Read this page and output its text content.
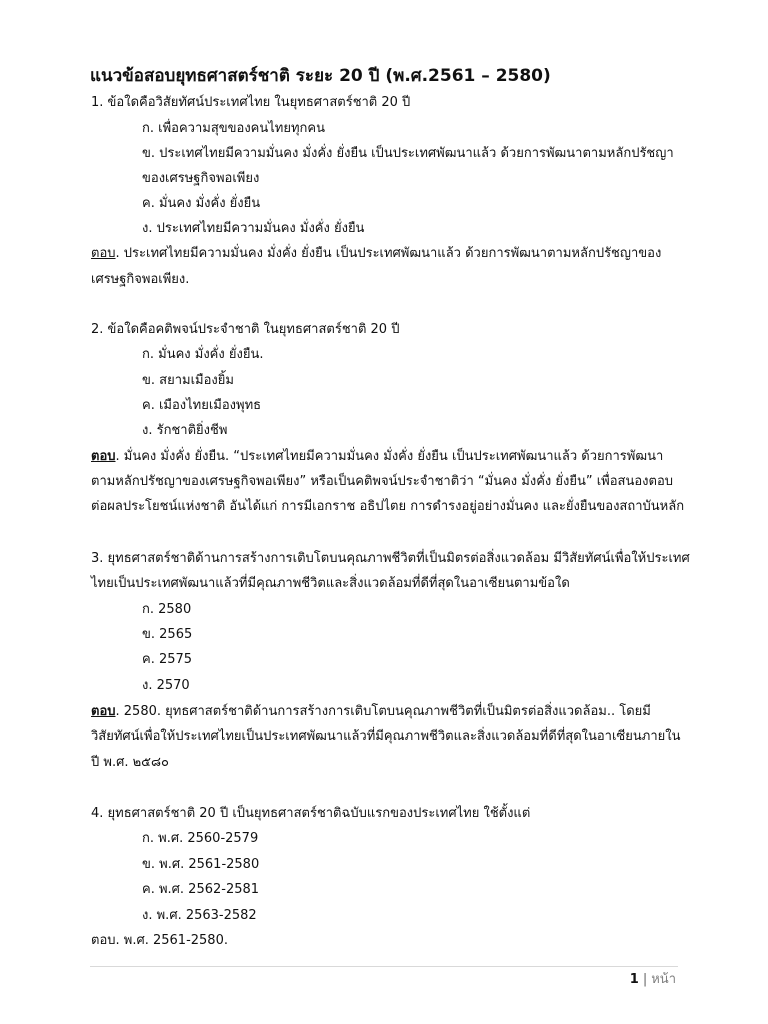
แนวข้อสอบยุทธศาสตร์ชาติ ระยะ 20 ปี (พ.ศ.2561 – 2580)
1. ข้อใดคือวิสัยทัศน์ประเทศไทย ในยุทธศาสตร์ชาติ 20 ปี
ก. เพื่อความสุขของคนไทยทุกคน
ข. ประเทศไทยมีความมั่นคง มั่งคั่ง ยั่งยืน เป็นประเทศพัฒนาแล้ว ด้วยการพัฒนาตามหลักปรัชญา
ของเศรษฐกิจพอเพียง
ค. มั่นคง มั่งคั่ง ยั่งยืน
ง. ประเทศไทยมีความมั่นคง มั่งคั่ง ยั่งยืน
ตอบ. ประเทศไทยมีความมั่นคง มั่งคั่ง ยั่งยืน เป็นประเทศพัฒนาแล้ว ด้วยการพัฒนาตามหลักปรัชญาของ
เศรษฐกิจพอเพียง.
2. ข้อใดคือคติพจน์ประจำชาติ ในยุทธศาสตร์ชาติ 20 ปี
ก. มั่นคง มั่งคั่ง ยั่งยืน.
ข. สยามเมืองยิ้ม
ค. เมืองไทยเมืองพุทธ
ง. รักชาติยิ่งชีพ
ตอบ. มั่นคง มั่งคั่ง ยั่งยืน. “ประเทศไทยมีความมั่นคง มั่งคั่ง ยั่งยืน เป็นประเทศพัฒนาแล้ว ด้วยการพัฒนา
ตามหลักปรัชญาของเศรษฐกิจพอเพียง” หรือเป็นคติพจน์ประจำชาติว่า “มั่นคง มั่งคั่ง ยั่งยืน” เพื่อสนองตอบ
ต่อผลประโยชน์แห่งชาติ อันได้แก่ การมีเอกราช อธิปไตย การดำรงอยู่อย่างมั่นคง และยั่งยืนของสถาบันหลัก
3. ยุทธศาสตร์ชาติด้านการสร้างการเติบโตบนคุณภาพชีวิตที่เป็นมิตรต่อสิ่งแวดล้อม มีวิสัยทัศน์เพื่อให้ประเทศ
ไทยเป็นประเทศพัฒนาแล้วที่มีคุณภาพชีวิตและสิ่งแวดล้อมที่ดีที่สุดในอาเซียนตามข้อใด
ก. 2580
ข. 2565
ค. 2575
ง. 2570
ตอบ. 2580. ยุทธศาสตร์ชาติด้านการสร้างการเติบโตบนคุณภาพชีวิตที่เป็นมิตรต่อสิ่งแวดล้อม.. โดยมี
วิสัยทัศน์เพื่อให้ประเทศไทยเป็นประเทศพัฒนาแล้วที่มีคุณภาพชีวิตและสิ่งแวดล้อมที่ดีที่สุดในอาเซียนภายใน
ปี พ.ศ. ๒๕๘๐
4. ยุทธศาสตร์ชาติ 20 ปี เป็นยุทธศาสตร์ชาติฉบับแรกของประเทศไทย ใช้ตั้งแต่
ก. พ.ศ. 2560-2579
ข. พ.ศ. 2561-2580
ค. พ.ศ. 2562-2581
ง. พ.ศ. 2563-2582
ตอบ. พ.ศ. 2561-2580.
1 | หน้า
